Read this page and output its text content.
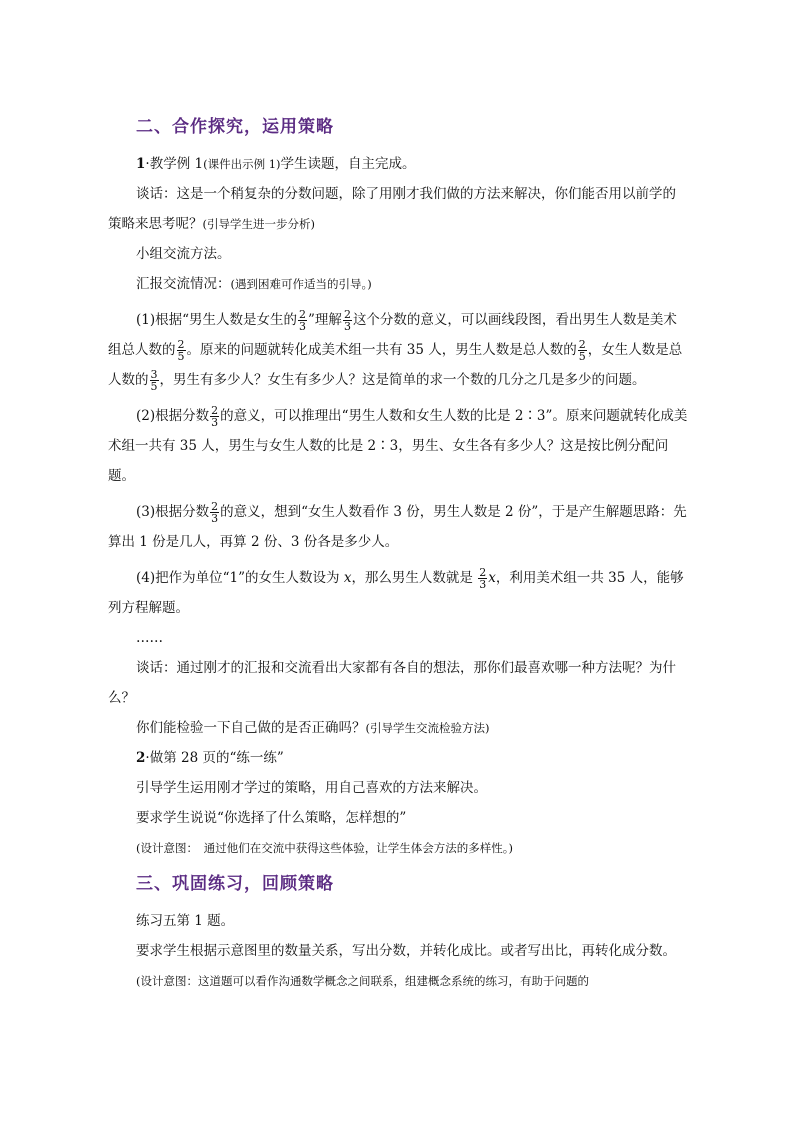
二、合作探究，运用策略

1·教学例 1(课件出示例 1)学生读题，自主完成。

谈话：这是一个稍复杂的分数问题，除了用刚才我们做的方法来解决，你们能否用以前学的策略来思考呢？(引导学生进一步分析)

小组交流方法。

汇报交流情况：(遇到困难可作适当的引导。)

(1)根据“男生人数是女生的 $\frac{2}{3}$ ”理解 $\frac{2}{3}$ 这个分数的意义，可以画线段图，看出男生人数是美术组总人数的 $\frac{2}{5}$ 。原来的问题就转化成美术组一共有 35 人，男生人数是总人数的 $\frac{2}{5}$ ，女生人数是总人数的 $\frac{3}{5}$ ，男生有多少人？女生有多少人？这是简单的求一个数的几分之几是多少的问题。

(2)根据分数 $\frac{2}{3}$ 的意义，可以推理出“男生人数和女生人数的比是 2∶3”。原来问题就转化成美术组一共有 35 人，男生与女生人数的比是 2∶3，男生、女生各有多少人？这是按比例分配问题。

(3)根据分数 $\frac{2}{3}$ 的意义，想到“女生人数看作 3 份，男生人数是 2 份”，于是产生解题思路：先算出 1 份是几人，再算 2 份、3 份各是多少人。

(4)把作为单位“1”的女生人数设为 x，那么男生人数就是 $\frac{2}{3}$ x，利用美术组一共 35 人，能够列方程解题。

……

谈话：通过刚才的汇报和交流看出大家都有各自的想法，那你们最喜欢哪一种方法呢？为什么？

你们能检验一下自己做的是否正确吗？(引导学生交流检验方法)

2·做第 28 页的“练一练”

引导学生运用刚才学过的策略，用自己喜欢的方法来解决。

要求学生说说“你选择了什么策略，怎样想的”

(设计意图：　通过他们在交流中获得这些体验，让学生体会方法的多样性。)

三、巩固练习，回顾策略

练习五第 1 题。

要求学生根据示意图里的数量关系，写出分数，并转化成比。或者写出比，再转化成分数。

(设计意图：这道题可以看作沟通数学概念之间联系，组建概念系统的练习，有助于问题的
